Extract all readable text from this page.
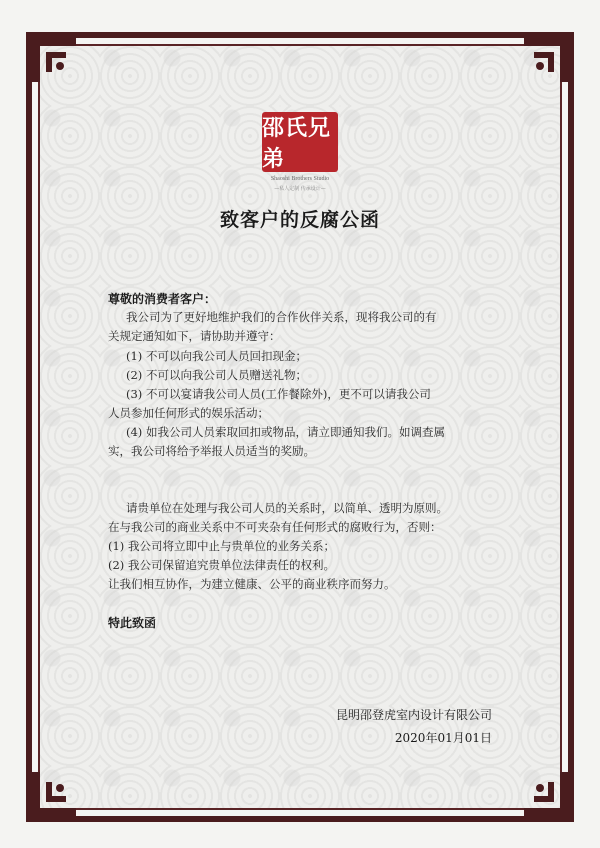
邵氏兄弟
Shaoshi Brothers Studio
—私人定制 传承设计—
致客户的反腐公函
尊敬的消费者客户：
我公司为了更好地维护我们的合作伙伴关系，现将我公司的有
关规定通知如下，请协助并遵守：
(1) 不可以向我公司人员回扣现金；
(2) 不可以向我公司人员赠送礼物；
(3) 不可以宴请我公司人员(工作餐除外)，更不可以请我公司
人员参加任何形式的娱乐活动；
(4) 如我公司人员索取回扣或物品，请立即通知我们。如调查属
实，我公司将给予举报人员适当的奖励。
请贵单位在处理与我公司人员的关系时，以简单、透明为原则。
在与我公司的商业关系中不可夹杂有任何形式的腐败行为，否则：
(1) 我公司将立即中止与贵单位的业务关系；
(2) 我公司保留追究贵单位法律责任的权利。
让我们相互协作，为建立健康、公平的商业秩序而努力。
特此致函
昆明邵登虎室内设计有限公司
2020年01月01日
